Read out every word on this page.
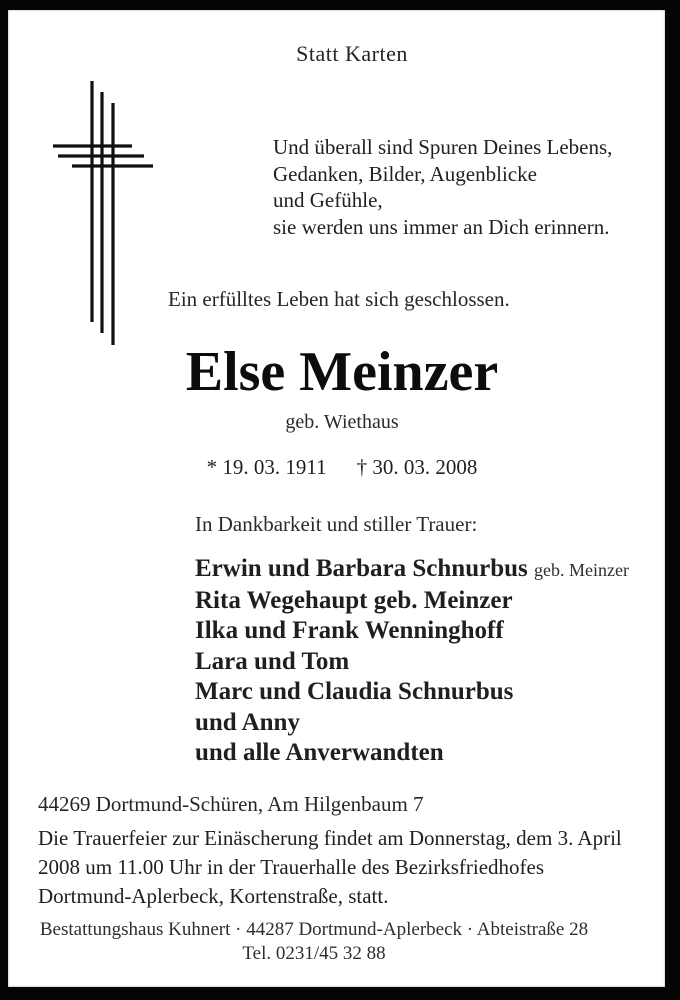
Statt Karten
Und überall sind Spuren Deines Lebens,
Gedanken, Bilder, Augenblicke
und Gefühle,
sie werden uns immer an Dich erinnern.
Ein erfülltes Leben hat sich geschlossen.
Else Meinzer
geb. Wiethaus
* 19. 03. 1911 † 30. 03. 2008
In Dankbarkeit und stiller Trauer:
Erwin und Barbara Schnurbus geb. Meinzer
Rita Wegehaupt geb. Meinzer
Ilka und Frank Wenninghoff
Lara und Tom
Marc und Claudia Schnurbus
und Anny
und alle Anverwandten
44269 Dortmund-Schüren, Am Hilgenbaum 7
Die Trauerfeier zur Einäscherung findet am Donnerstag, dem 3. April
2008 um 11.00 Uhr in der Trauerhalle des Bezirksfriedhofes
Dortmund-Aplerbeck, Kortenstraße, statt.
Bestattungshaus Kuhnert · 44287 Dortmund-Aplerbeck · Abteistraße 28
Tel. 0231/45 32 88
